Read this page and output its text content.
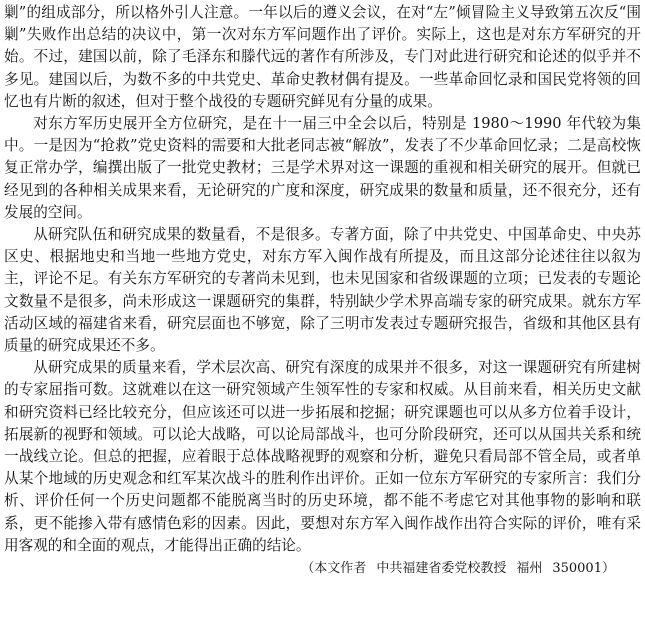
剿”的组成部分，所以格外引人注意。一年以后的遵义会议，在对“左”倾冒险主义导致第五次反“围剿”失败作出总结的决议中，第一次对东方军问题作出了评价。实际上，这也是对东方军研究的开始。不过，建国以前，除了毛泽东和滕代远的著作有所涉及，专门对此进行研究和论述的似乎并不多见。建国以后，为数不多的中共党史、革命史教材偶有提及。一些革命回忆录和国民党将领的回忆也有片断的叙述，但对于整个战役的专题研究鲜见有分量的成果。

对东方军历史展开全方位研究，是在十一届三中全会以后，特别是 1980～1990 年代较为集中。一是因为“抢救”党史资料的需要和大批老同志被“解放”，发表了不少革命回忆录；二是高校恢复正常办学，编撰出版了一批党史教材；三是学术界对这一课题的重视和相关研究的展开。但就已经见到的各种相关成果来看，无论研究的广度和深度，研究成果的数量和质量，还不很充分，还有发展的空间。

从研究队伍和研究成果的数量看，不是很多。专著方面，除了中共党史、中国革命史、中央苏区史、根据地史和当地一些地方党史，对东方军入闽作战有所提及，而且这部分论述往往以叙为主，评论不足。有关东方军研究的专著尚未见到，也未见国家和省级课题的立项；已发表的专题论文数量不是很多，尚未形成这一课题研究的集群，特别缺少学术界高端专家的研究成果。就东方军活动区域的福建省来看，研究层面也不够宽，除了三明市发表过专题研究报告，省级和其他区县有质量的研究成果还不多。

从研究成果的质量来看，学术层次高、研究有深度的成果并不很多，对这一课题研究有所建树的专家屈指可数。这就难以在这一研究领域产生领军性的专家和权威。从目前来看，相关历史文献和研究资料已经比较充分，但应该还可以进一步拓展和挖掘；研究课题也可以从多方位着手设计，拓展新的视野和领域。可以论大战略，可以论局部战斗，也可分阶段研究，还可以从国共关系和统一战线立论。但总的把握，应着眼于总体战略视野的观察和分析，避免只看局部不管全局，或者单从某个地域的历史观念和红军某次战斗的胜利作出评价。正如一位东方军研究的专家所言：我们分析、评价任何一个历史问题都不能脱离当时的历史环境，都不能不考虑它对其他事物的影响和联系，更不能掺入带有感情色彩的因素。因此，要想对东方军入闽作战作出符合实际的评价，唯有采用客观的和全面的观点，才能得出正确的结论。

（本文作者 中共福建省委党校教授 福州 350001）
